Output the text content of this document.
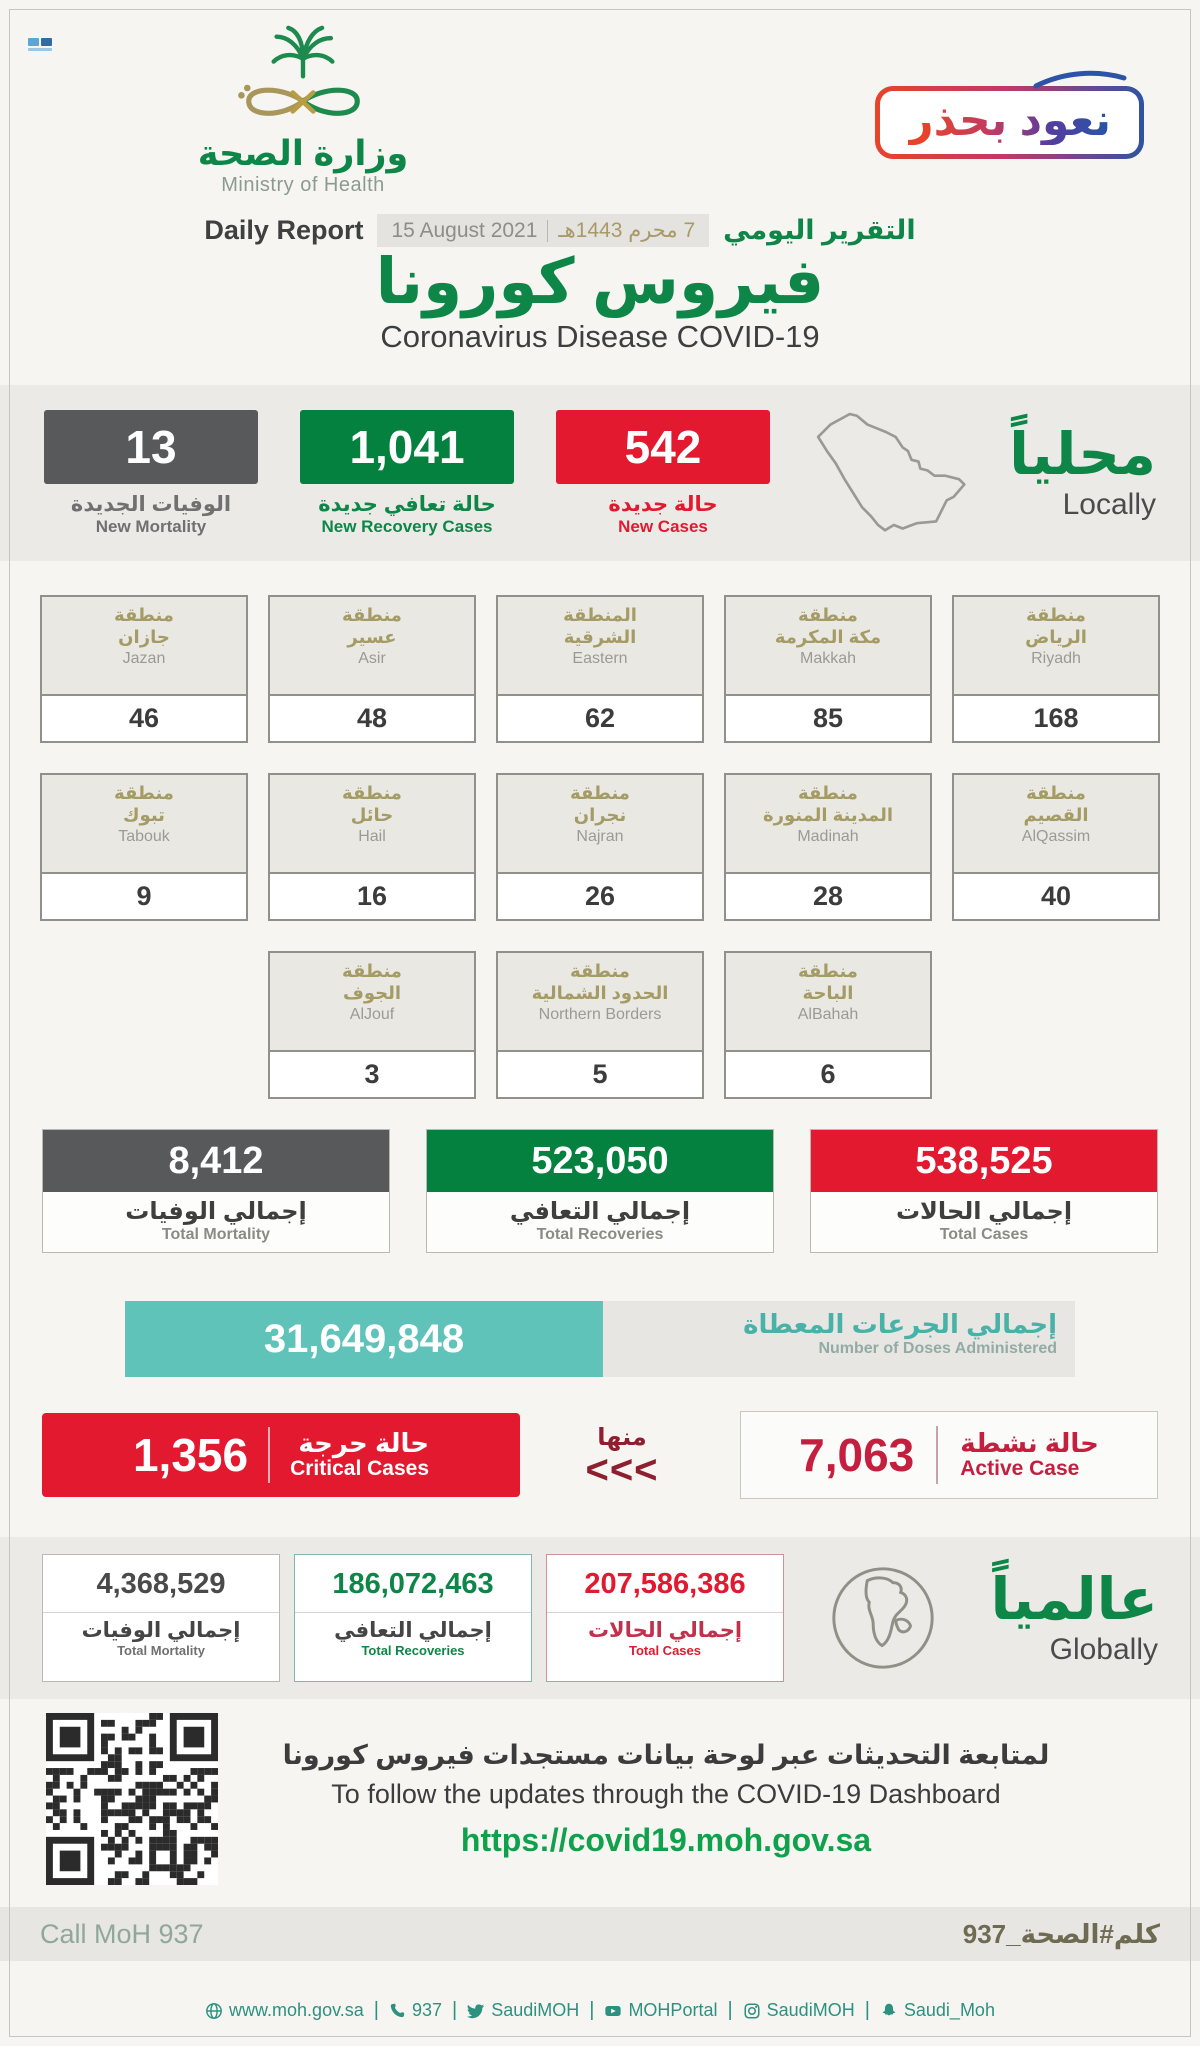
وزارة الصحة
Ministry of Health
نعود بحذر
Daily Report 15 August 2021 7 محرم 1443هـ التقرير اليومي
فيروس كورونا
Coronavirus Disease COVID-19
13
الوفيات الجديدة
New Mortality
1,041
حالة تعافي جديدة
New Recovery Cases
542
حالة جديدة
New Cases
محلياً
Locally
منطقة
جازان
Jazan
46
منطقة
عسير
Asir
48
المنطقة
الشرقية
Eastern
62
منطقة
مكة المكرمة
Makkah
85
منطقة
الرياض
Riyadh
168
منطقة
تبوك
Tabouk
9
منطقة
حائل
Hail
16
منطقة
نجران
Najran
26
منطقة
المدينة المنورة
Madinah
28
منطقة
القصيم
AlQassim
40
منطقة
الجوف
AlJouf
3
منطقة
الحدود الشمالية
Northern Borders
5
منطقة
الباحة
AlBahah
6
8,412
إجمالي الوفيات
Total Mortality
523,050
إجمالي التعافي
Total Recoveries
538,525
إجمالي الحالات
Total Cases
31,649,848	إجمالي الجرعات المعطاة
Number of Doses Administered
1,356	حالة حرجة
Critical Cases
منها
<<<	7,063 حالة نشطة
Active Case
4,368,529
إجمالي الوفيات
Total Mortality
186,072,463
إجمالي التعافي
Total Recoveries
207,586,386
إجمالي الحالات
Total Cases
عالمياً
Globally
لمتابعة التحديثات عبر لوحة بيانات مستجدات فيروس كورونا
To follow the updates through the COVID-19 Dashboard
https://covid19.moh.gov.sa
Call MoH 937	كلم#الصحة_937
www.moh.gov.sa | 937 | SaudiMOH | MOHPortal | SaudiMOH | Saudi_Moh
